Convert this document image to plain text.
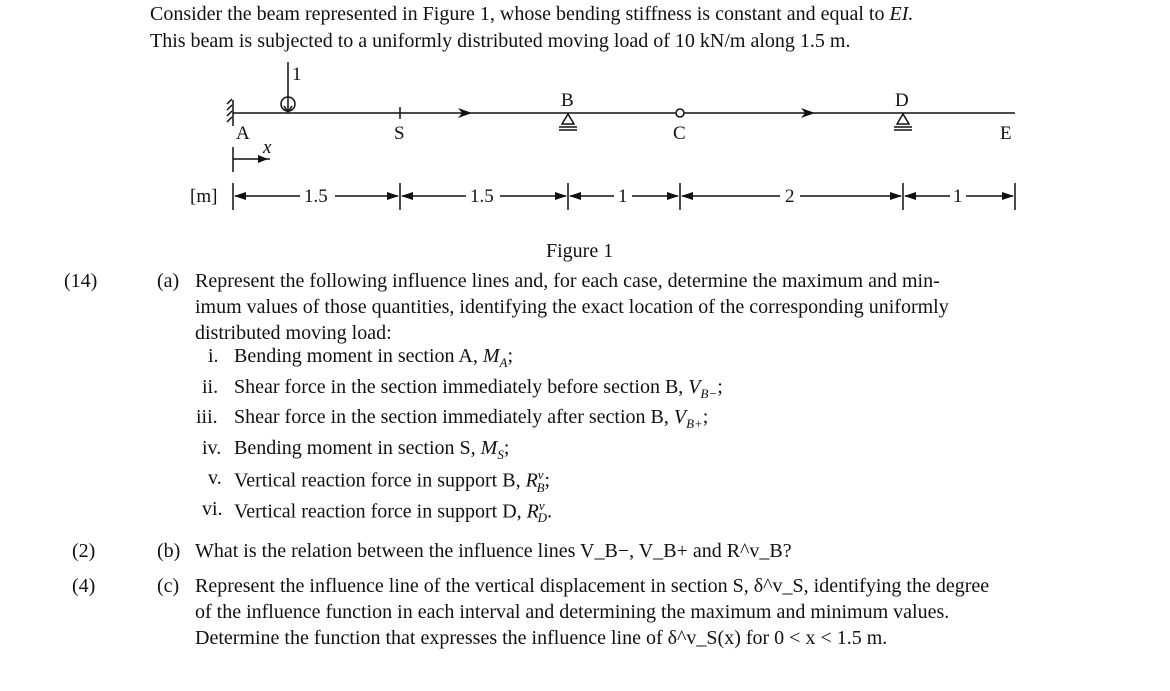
Consider the beam represented in Figure 1, whose bending stiffness is constant and equal to EI.
This beam is subjected to a uniformly distributed moving load of 10 kN/m along 1.5 m.
1
A	S
B
C
D
E
x
[m]	1.5	1.5	1	2	1
Figure 1
(14)	(a) Represent the following influence lines and, for each case, determine the maximum and min-
imum values of those quantities, identifying the exact location of the corresponding uniformly
distributed moving load:
i. Bending moment in section A, $M_A$;
ii. Shear force in the section immediately before section B, $V_{B-}$;
iii. Shear force in the section immediately after section B, $V_{B+}$;
iv. Bending moment in section S, $M_S$;
v. Vertical reaction force in support B, $R^v_B$;
vi. Vertical reaction force in support D, $R^v_D$.
(2)	(b) What is the relation between the influence lines V_B−, V_B+ and R^v_B?
(4)	(c) Represent the influence line of the vertical displacement in section S, δ^v_S, identifying the degree
of the influence function in each interval and determining the maximum and minimum values.
Determine the function that expresses the influence line of δ^v_S(x) for 0 < x < 1.5 m.
